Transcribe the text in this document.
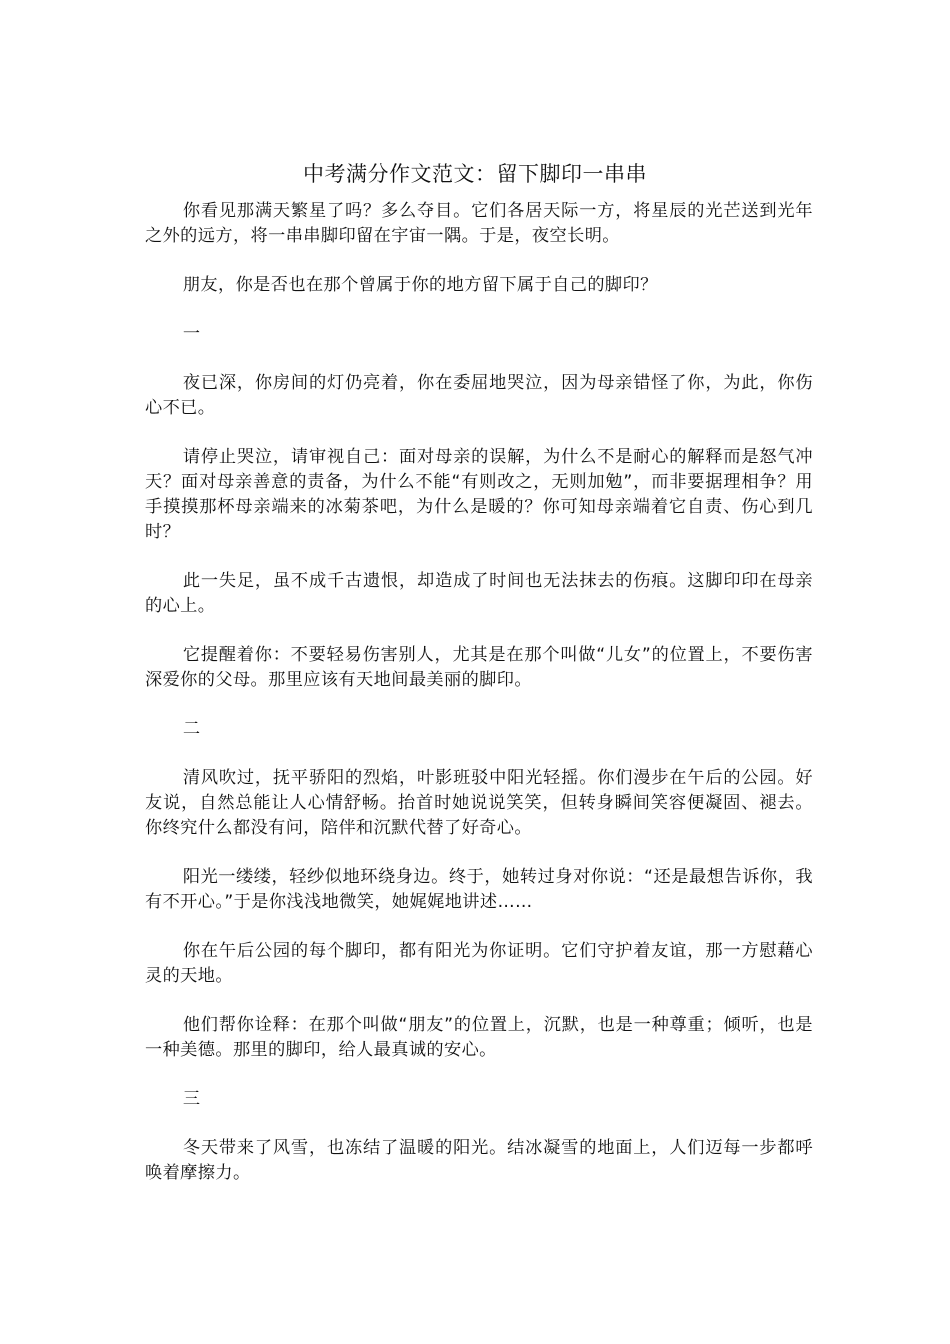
中考满分作文范文：留下脚印一串串

你看见那满天繁星了吗？多么夺目。它们各居天际一方，将星辰的光芒送到光年之外的远方，将一串串脚印留在宇宙一隅。于是，夜空长明。

朋友，你是否也在那个曾属于你的地方留下属于自己的脚印？

一

夜已深，你房间的灯仍亮着，你在委屈地哭泣，因为母亲错怪了你，为此，你伤心不已。

请停止哭泣，请审视自己：面对母亲的误解，为什么不是耐心的解释而是怒气冲天？面对母亲善意的责备，为什么不能“有则改之，无则加勉”，而非要据理相争？用手摸摸那杯母亲端来的冰菊茶吧，为什么是暖的？你可知母亲端着它自责、伤心到几时？

此一失足，虽不成千古遗恨，却造成了时间也无法抹去的伤痕。这脚印印在母亲的心上。

它提醒着你：不要轻易伤害别人，尤其是在那个叫做“儿女”的位置上，不要伤害深爱你的父母。那里应该有天地间最美丽的脚印。

二

清风吹过，抚平骄阳的烈焰，叶影班驳中阳光轻摇。你们漫步在午后的公园。好友说，自然总能让人心情舒畅。抬首时她说说笑笑，但转身瞬间笑容便凝固、褪去。你终究什么都没有问，陪伴和沉默代替了好奇心。

阳光一缕缕，轻纱似地环绕身边。终于，她转过身对你说：“还是最想告诉你，我有不开心。”于是你浅浅地微笑，她娓娓地讲述……

你在午后公园的每个脚印，都有阳光为你证明。它们守护着友谊，那一方慰藉心灵的天地。

他们帮你诠释：在那个叫做“朋友”的位置上，沉默，也是一种尊重；倾听，也是一种美德。那里的脚印，给人最真诚的安心。

三

冬天带来了风雪，也冻结了温暖的阳光。结冰凝雪的地面上，人们迈每一步都呼唤着摩擦力。
